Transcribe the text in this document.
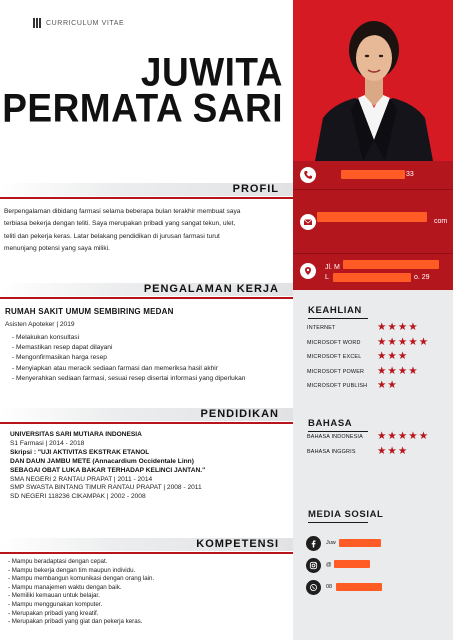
CURRICULUM VITAE
JUWITA
PERMATA SARI
PROFIL
Berpengalaman dibidang farmasi selama beberapa bulan terakhir membuat saya
terbiasa bekerja dengan teliti. Saya merupakan pribadi yang sangat tekun, ulet,
teliti dan pekerja keras. Latar belakang pendidikan di jurusan farmasi turut
menunjang potensi yang saya miliki.
PENGALAMAN KERJA
RUMAH SAKIT UMUM SEMBIRING MEDAN
Asisten Apoteker | 2019
- Melakukan konsultasi
- Memastikan resep dapat dilayani
- Mengonfirmasikan harga resep
- Menyiapkan atau meracik sediaan farmasi dan memeriksa hasil akhir
- Menyerahkan sediaan farmasi, sesuai resep disertai informasi yang diperlukan
PENDIDIKAN
UNIVERSITAS SARI MUTIARA INDONESIA
S1 Farmasi | 2014 - 2018
Skripsi : "UJI AKTIVITAS EKSTRAK ETANOL
DAN DAUN JAMBU METE (Annacardium Occidentale Linn)
SEBAGAI OBAT LUKA BAKAR TERHADAP KELINCI JANTAN."
SMA NEGERI 2 RANTAU PRAPAT | 2011 - 2014
SMP SWASTA BINTANG TIMUR RANTAU PRAPAT | 2008 - 2011
SD NEGERI 118236 CIKAMPAK | 2002 - 2008
KOMPETENSI
- Mampu beradaptasi dengan cepat.
- Mampu bekerja dengan tim maupun individu.
- Mampu membangun komunikasi dengan orang lain.
- Mampu manajemen waktu dengan baik.
- Memiliki kemauan untuk belajar.
- Mampu menggunakan komputer.
- Merupakan pribadi yang kreatif.
- Merupakan pribadi yang giat dan pekerja keras.
33
com
Jl. M
L	o. 29
KEAHLIAN
INTERNET	★ ★ ★ ★
MICROSOFT WORD ★ ★ ★ ★ ★
MICROSOFT EXCEL ★ ★ ★
MICROSOFT POWER ★ ★ ★ ★
MICROSOFT PUBLISH ★ ★
BAHASA
BAHASA INDONESIA ★ ★ ★ ★ ★
BAHASA INGGRIS ★ ★ ★
MEDIA SOSIAL
Juw
@
08
